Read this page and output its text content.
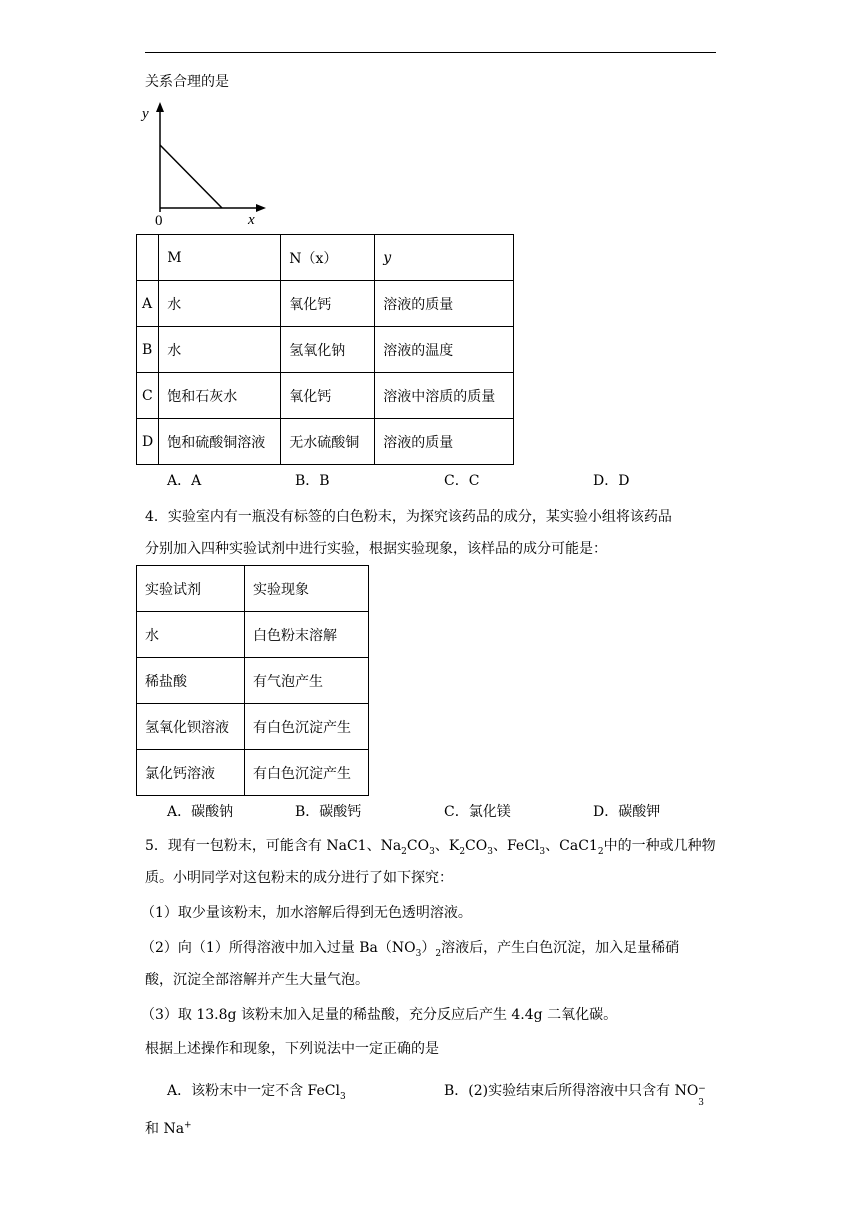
关系合理的是
y
x
0
	M	N（x）	y
A	水	氧化钙	溶液的质量
B	水	氢氧化钠	溶液的温度
C	饱和石灰水	氧化钙	溶液中溶质的质量
D	饱和硫酸铜溶液	无水硫酸铜	溶液的质量
A．A	B．B	C．C	D．D
4．实验室内有一瓶没有标签的白色粉末，为探究该药品的成分，某实验小组将该药品
分别加入四种实验试剂中进行实验，根据实验现象，该样品的成分可能是：
实验试剂	实验现象
水	白色粉末溶解
稀盐酸	有气泡产生
氢氧化钡溶液	有白色沉淀产生
氯化钙溶液	有白色沉淀产生
A．碳酸钠	B．碳酸钙	C．氯化镁	D．碳酸钾
5．现有一包粉末，可能含有 NaC1、$Na_2CO_3$、$K_2CO_3$、FeCl$_3$、$CaC1_2$中的一种或几种物
质。小明同学对这包粉末的成分进行了如下探究：
（1）取少量该粉末，加水溶解后得到无色透明溶液。
（2）向（1）所得溶液中加入过量 $Ba(NO_3)_2$溶液后，产生白色沉淀，加入足量稀硝
酸，沉淀全部溶解并产生大量气泡。
（3）取 13.8g 该粉末加入足量的稀盐酸，充分反应后产生 4.4g 二氧化碳。
根据上述操作和现象，下列说法中一定正确的是
A．该粉末中一定不含 FeCl$_3$	B．(2)实验结束后所得溶液中只含有 NO −
3
和 Na+
